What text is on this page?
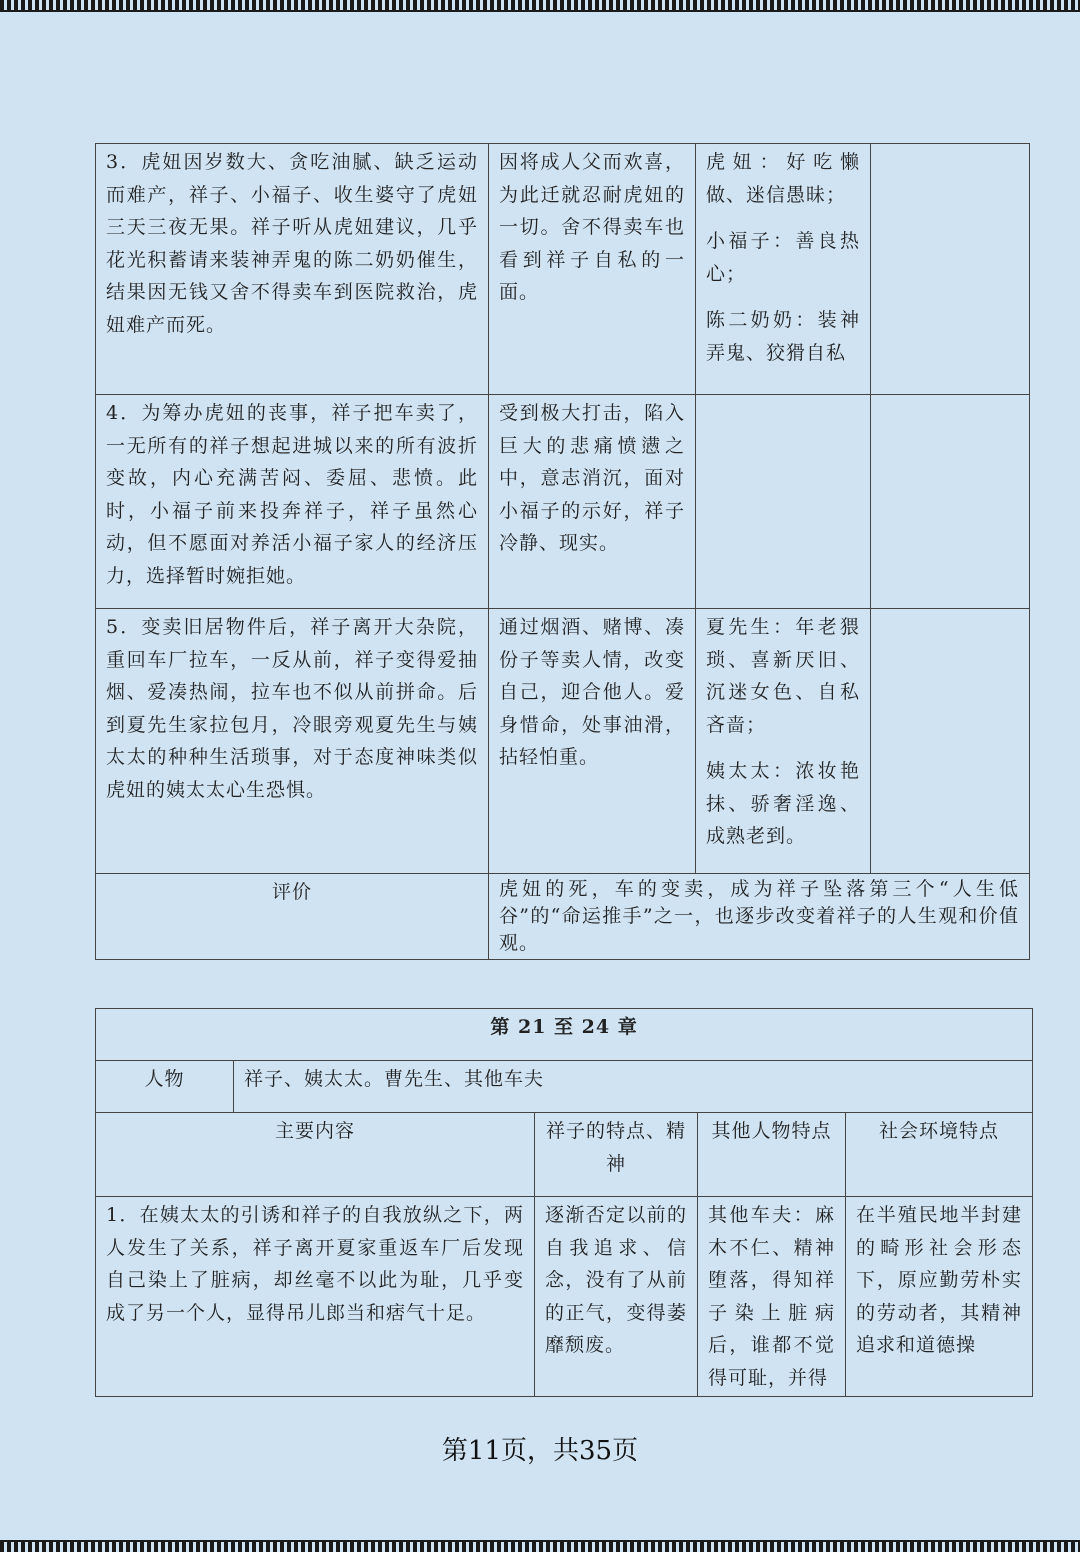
3．虎妞因岁数大、贪吃油腻、缺乏运动而难产，祥子、小福子、收生婆守了虎妞三天三夜无果。祥子听从虎妞建议，几乎花光积蓄请来装神弄鬼的陈二奶奶催生，结果因无钱又舍不得卖车到医院救治，虎妞难产而死。	因将成人父而欢喜，为此迁就忍耐虎妞的一切。舍不得卖车也看到祥子自私的一面。	虎妞：好吃懒做、迷信愚昧；

小福子：善良热心；

陈二奶奶：装神弄鬼、狡猾自私	

4．为筹办虎妞的丧事，祥子把车卖了，一无所有的祥子想起进城以来的所有波折变故，内心充满苦闷、委屈、悲愤。此时，小福子前来投奔祥子，祥子虽然心动，但不愿面对养活小福子家人的经济压力，选择暂时婉拒她。	受到极大打击，陷入巨大的悲痛愤懑之中，意志消沉，面对小福子的示好，祥子冷静、现实。		
5．变卖旧居物件后，祥子离开大杂院，重回车厂拉车，一反从前，祥子变得爱抽烟、爱凑热闹，拉车也不似从前拼命。后到夏先生家拉包月，冷眼旁观夏先生与姨太太的种种生活琐事，对于态度神味类似虎妞的姨太太心生恐惧。	通过烟酒、赌博、凑份子等卖人情，改变自己，迎合他人。爱身惜命，处事油滑，拈轻怕重。	夏先生：年老猥琐、喜新厌旧、沉迷女色、自私吝啬；

姨太太：浓妆艳抹、骄奢淫逸、成熟老到。	

评价	虎妞的死，车的变卖，成为祥子坠落第三个“人生低谷”的“命运推手”之一，也逐步改变着祥子的人生观和价值观。		
第 21 至 24 章				
人物	祥子、姨太太。曹先生、其他车夫			
主要内容		祥子的特点、精神	其他人物特点	社会环境特点
1．在姨太太的引诱和祥子的自我放纵之下，两人发生了关系，祥子离开夏家重返车厂后发现自己染上了脏病，却丝毫不以此为耻，几乎变成了另一个人，显得吊儿郎当和痞气十足。		逐渐否定以前的自我追求、信念，没有了从前的正气，变得萎靡颓废。	其他车夫：麻木不仁、精神堕落，得知祥子染上脏病后，谁都不觉得可耻，并得	在半殖民地半封建的畸形社会形态下，原应勤劳朴实的劳动者，其精神追求和道德操
第11页，共35页
